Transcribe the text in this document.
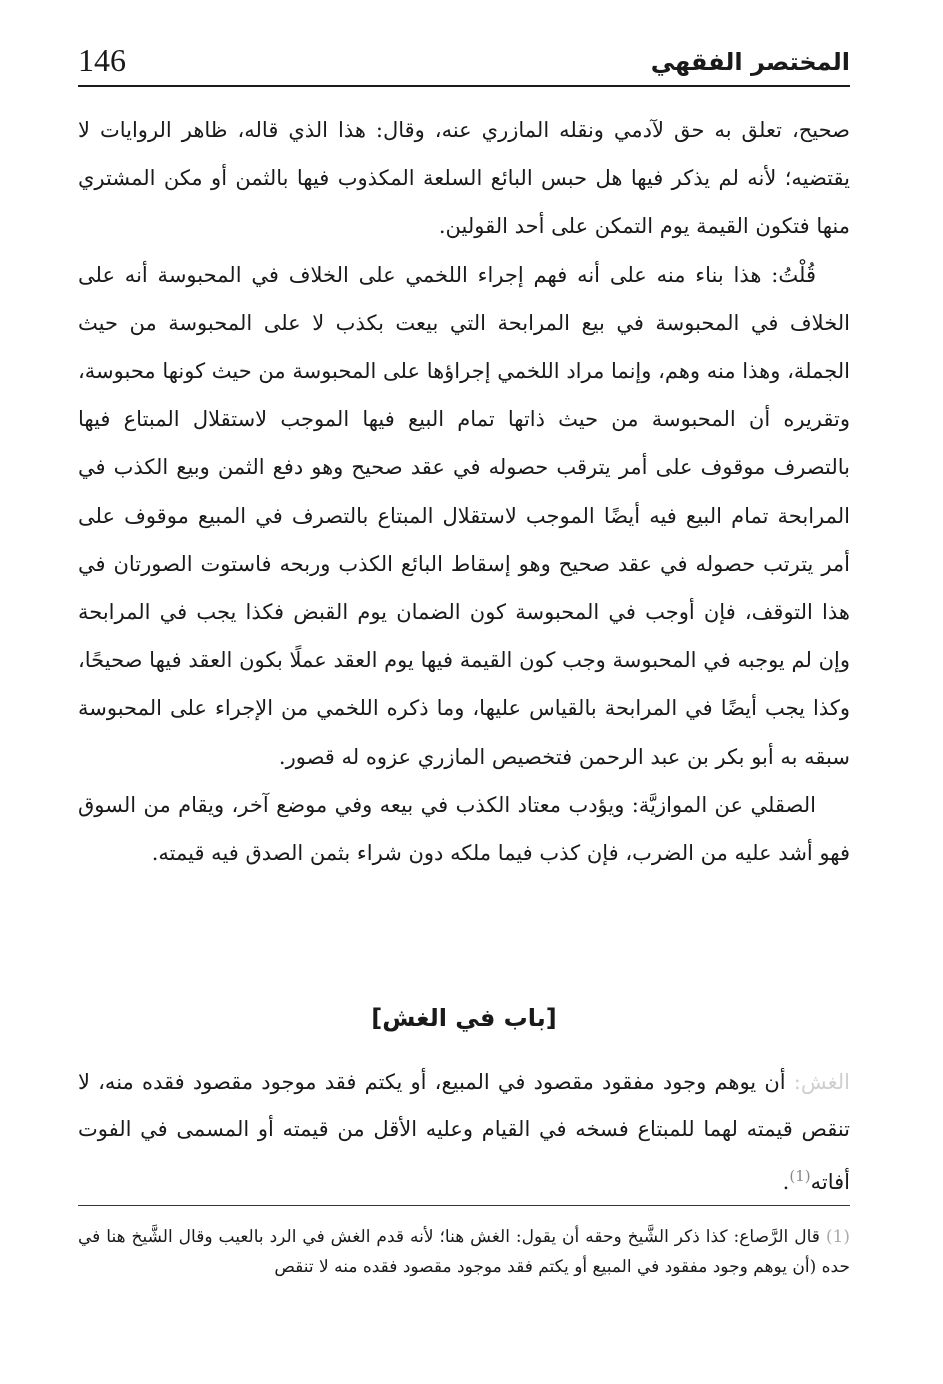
146	المختصر الفقهي

صحيح، تعلق به حق لآدمي ونقله المازري عنه، وقال: هذا الذي قاله، ظاهر الروايات لا يقتضيه؛ لأنه لم يذكر فيها هل حبس البائع السلعة المكذوب فيها بالثمن أو مكن المشتري منها فتكون القيمة يوم التمكن على أحد القولين.

قُلْتُ: هذا بناء منه على أنه فهم إجراء اللخمي على الخلاف في المحبوسة أنه على الخلاف في المحبوسة في بيع المرابحة التي بيعت بكذب لا على المحبوسة من حيث الجملة، وهذا منه وهم، وإنما مراد اللخمي إجراؤها على المحبوسة من حيث كونها محبوسة، وتقريره أن المحبوسة من حيث ذاتها تمام البيع فيها الموجب لاستقلال المبتاع فيها بالتصرف موقوف على أمر يترقب حصوله في عقد صحيح وهو دفع الثمن وبيع الكذب في المرابحة تمام البيع فيه أيضًا الموجب لاستقلال المبتاع بالتصرف في المبيع موقوف على أمر يترتب حصوله في عقد صحيح وهو إسقاط البائع الكذب وربحه فاستوت الصورتان في هذا التوقف، فإن أوجب في المحبوسة كون الضمان يوم القبض فكذا يجب في المرابحة وإن لم يوجبه في المحبوسة وجب كون القيمة فيها يوم العقد عملًا بكون العقد فيها صحيحًا، وكذا يجب أيضًا في المرابحة بالقياس عليها، وما ذكره اللخمي من الإجراء على المحبوسة سبقه به أبو بكر بن عبد الرحمن فتخصيص المازري عزوه له قصور.

الصقلي عن الموازيَّة: ويؤدب معتاد الكذب في بيعه وفي موضع آخر، ويقام من السوق فهو أشد عليه من الضرب، فإن كذب فيما ملكه دون شراء بثمن الصدق فيه قيمته.

[باب في الغش]

الغش: أن يوهم وجود مفقود مقصود في المبيع، أو يكتم فقد موجود مقصود فقده منه، لا تنقص قيمته لهما للمبتاع فسخه في القيام وعليه الأقل من قيمته أو المسمى في الفوت أفاته$^{(1)}$.

(1) قال الرَّصاع: كذا ذكر الشَّيخ وحقه أن يقول: الغش هنا؛ لأنه قدم الغش في الرد بالعيب وقال الشَّيخ هنا في حده (أن يوهم وجود مفقود في المبيع أو يكتم فقد موجود مقصود فقده منه لا تنقص
